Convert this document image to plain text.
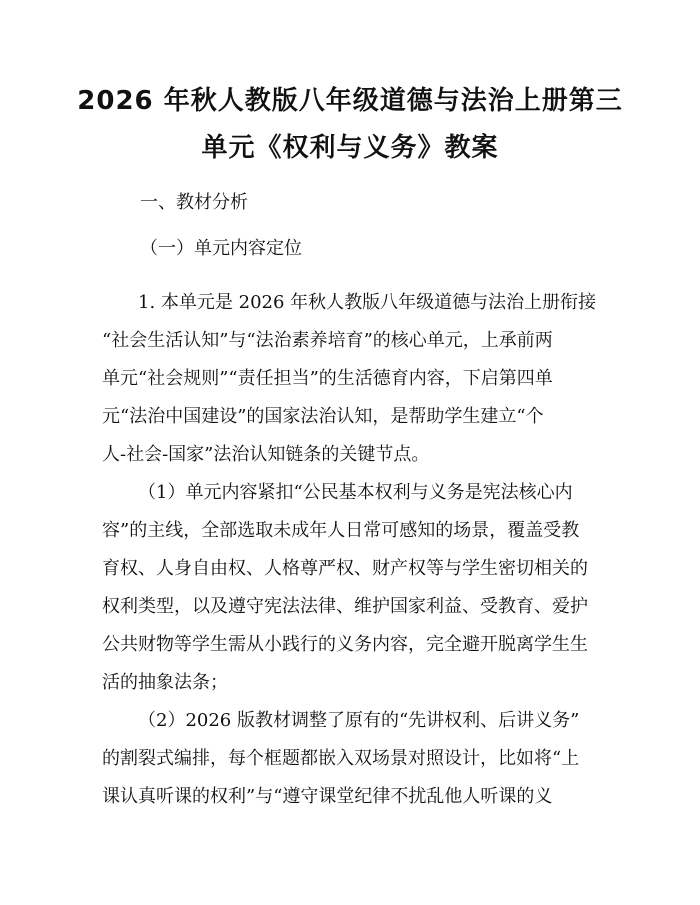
2026 年秋人教版八年级道德与法治上册第三
单元《权利与义务》教案
一、教材分析
（一）单元内容定位
1. 本单元是 2026 年秋人教版八年级道德与法治上册衔接
“社会生活认知”与“法治素养培育”的核心单元，上承前两
单元“社会规则”“责任担当”的生活德育内容，下启第四单
元“法治中国建设”的国家法治认知，是帮助学生建立“个
人-社会-国家”法治认知链条的关键节点。
（1）单元内容紧扣“公民基本权利与义务是宪法核心内
容”的主线，全部选取未成年人日常可感知的场景，覆盖受教
育权、人身自由权、人格尊严权、财产权等与学生密切相关的
权利类型，以及遵守宪法法律、维护国家利益、受教育、爱护
公共财物等学生需从小践行的义务内容，完全避开脱离学生生
活的抽象法条；
（2）2026 版教材调整了原有的“先讲权利、后讲义务”
的割裂式编排，每个框题都嵌入双场景对照设计，比如将“上
课认真听课的权利”与“遵守课堂纪律不扰乱他人听课的义
